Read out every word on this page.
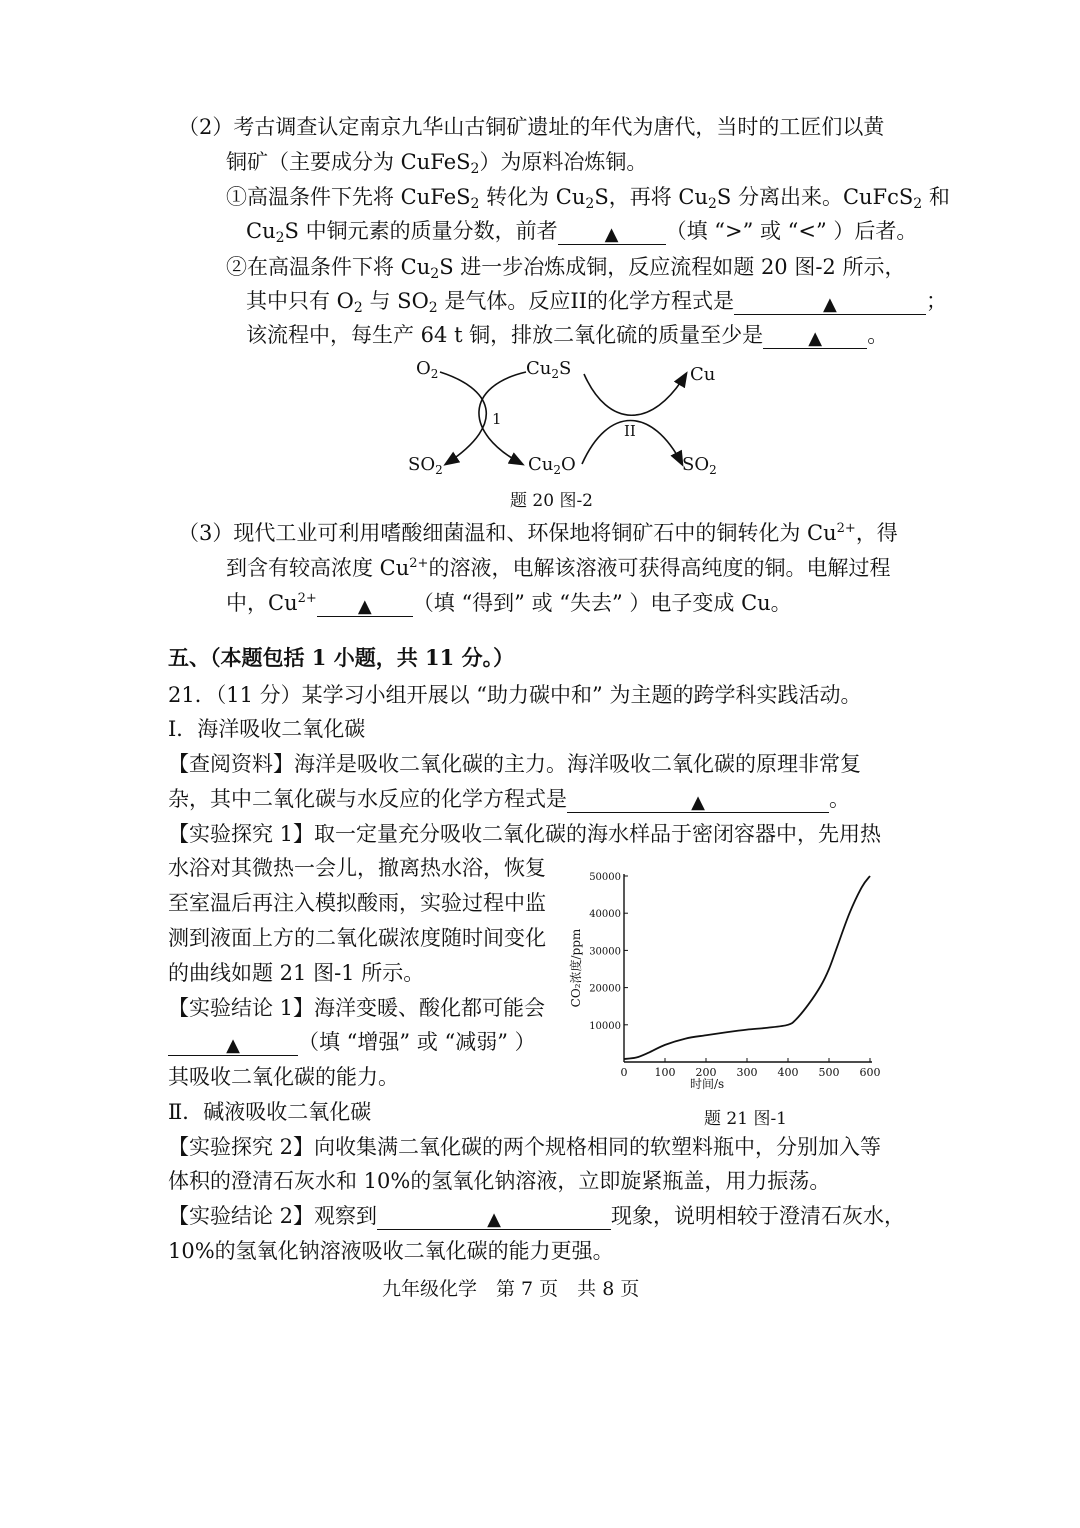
（2）考古调查认定南京九华山古铜矿遗址的年代为唐代，当时的工匠们以黄
铜矿（主要成分为 CuFeS$_2$）为原料冶炼铜。
①高温条件下先将 CuFeS$_2$ 转化为 $Cu_2S$，再将 $Cu_2S$ 分离出来。CuFcS$_2$ 和
$Cu_2S$ 中铜元素的质量分数，前者	▲ （填 “>” 或 “<” ）后者。
②在高温条件下将 $Cu_2S$ 进一步冶炼成铜，反应流程如题 20 图-2 所示，
其中只有 $O_2$ 与 $SO_2$ 是气体。反应II的化学方程式是	▲	；
该流程中，每生产 64 t 铜，排放二氧化硫的质量至少是	▲ 。
$O_2$	$Cu_2S$	Cu
$SO_2$	$Cu_2O$	$SO_2$
1
II
题 20 图-2
（3）现代工业可利用嗜酸细菌温和、环保地将铜矿石中的铜转化为 $Cu^{2+}$，得
到含有较高浓度 $Cu^{2+}$的溶液，电解该溶液可获得高纯度的铜。电解过程
中，$Cu^{2+}$ ▲ （填 “得到” 或 “失去” ）电子变成 Cu。
五、（本题包括 1 小题，共 11 分。）
21．（11 分）某学习小组开展以 “助力碳中和” 为主题的跨学科实践活动。
Ⅰ．海洋吸收二氧化碳
【查阅资料】海洋是吸收二氧化碳的主力。海洋吸收二氧化碳的原理非常复
杂，其中二氧化碳与水反应的化学方程式是	▲	。
【实验探究 1】取一定量充分吸收二氧化碳的海水样品于密闭容器中，先用热
水浴对其微热一会儿，撤离热水浴，恢复
至室温后再注入模拟酸雨，实验过程中监
测到液面上方的二氧化碳浓度随时间变化
的曲线如题 21 图-1 所示。
【实验结论 1】海洋变暖、酸化都可能会
▲	（填 “增强” 或 “减弱” ）
其吸收二氧化碳的能力。
Ⅱ．碱液吸收二氧化碳
【实验探究 2】向收集满二氧化碳的两个规格相同的软塑料瓶中，分别加入等
体积的澄清石灰水和 10%的氢氧化钠溶液，立即旋紧瓶盖，用力振荡。
【实验结论 2】观察到	▲	现象，说明相较于澄清石灰水，
10%的氢氧化钠溶液吸收二氧化碳的能力更强。
0 100 200 300 400 500 600
10000
20000
30000
40000
50000
时间/s
CO₂浓度/ppm
题 21 图-1
九年级化学　第 7 页　共 8 页
